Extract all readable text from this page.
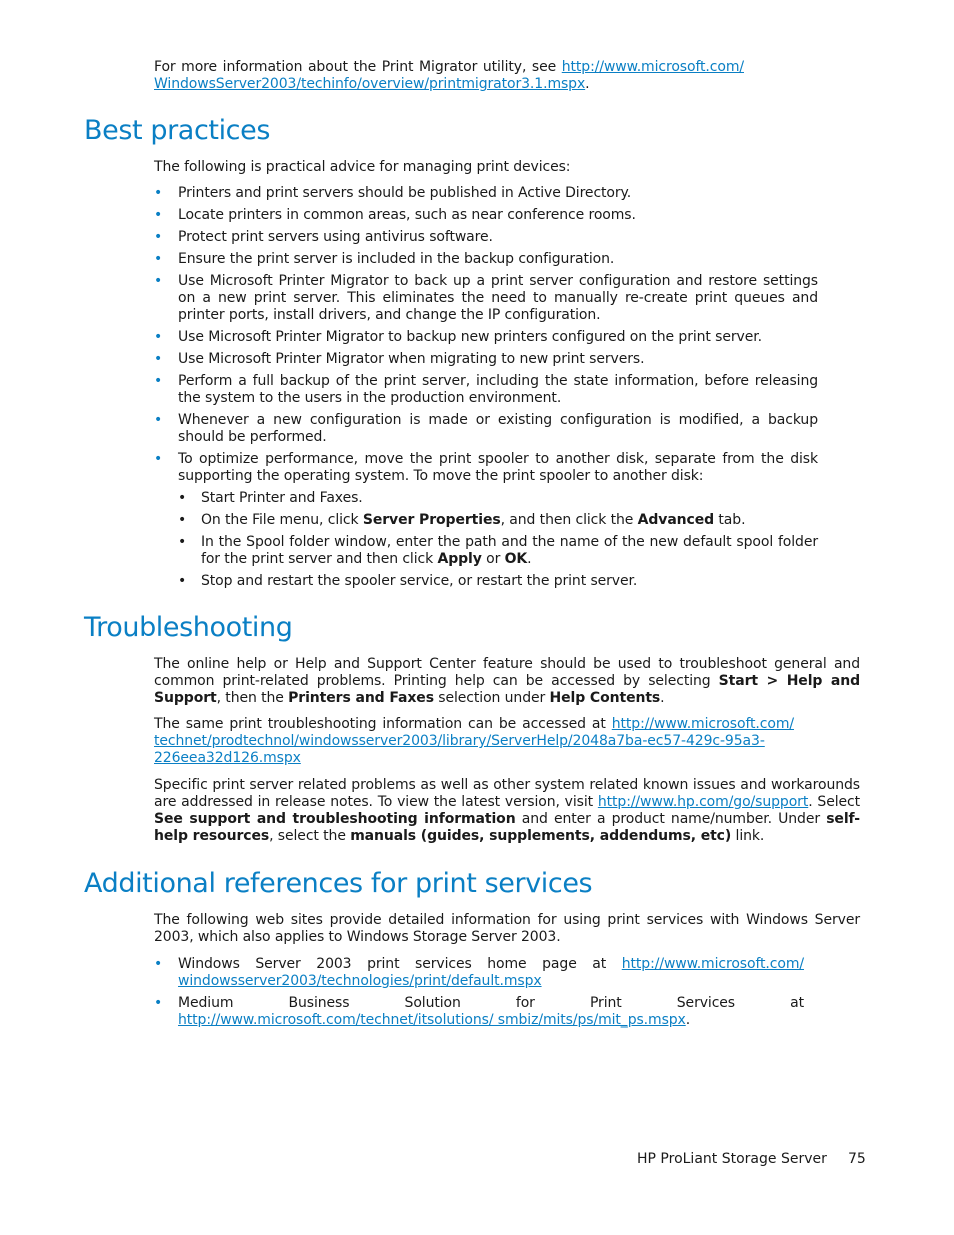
For more information about the Print Migrator utility, see http://www.microsoft.com/ WindowsServer2003/techinfo/overview/printmigrator3.1.mspx.

Best practices

The following is practical advice for managing print devices:

• Printers and print servers should be published in Active Directory.
• Locate printers in common areas, such as near conference rooms.
• Protect print servers using antivirus software.
• Ensure the print server is included in the backup configuration.
• Use Microsoft Printer Migrator to back up a print server configuration and restore settings on a new print server. This eliminates the need to manually re-create print queues and printer ports, install drivers, and change the IP configuration.
• Use Microsoft Printer Migrator to backup new printers configured on the print server.
• Use Microsoft Printer Migrator when migrating to new print servers.
• Perform a full backup of the print server, including the state information, before releasing the system to the users in the production environment.
• Whenever a new configuration is made or existing configuration is modified, a backup should be performed.
• To optimize performance, move the print spooler to another disk, separate from the disk supporting the operating system. To move the print spooler to another disk:
• Start Printer and Faxes.
• On the File menu, click Server Properties, and then click the Advanced tab.
• In the Spool folder window, enter the path and the name of the new default spool folder for the print server and then click Apply or OK.
• Stop and restart the spooler service, or restart the print server.
Troubleshooting

The online help or Help and Support Center feature should be used to troubleshoot general and common print-related problems. Printing help can be accessed by selecting Start > Help and Support, then the Printers and Faxes selection under Help Contents.

The same print troubleshooting information can be accessed at http://www.microsoft.com/ technet/prodtechnol/windowsserver2003/library/ServerHelp/2048a7ba-ec57-429c-95a3-226eea32d126.mspx

Specific print server related problems as well as other system related known issues and workarounds are addressed in release notes. To view the latest version, visit http://www.hp.com/go/support. Select See support and troubleshooting information and enter a product name/number. Under self-help resources, select the manuals (guides, supplements, addendums, etc) link.

Additional references for print services

The following web sites provide detailed information for using print services with Windows Server 2003, which also applies to Windows Storage Server 2003.

• Windows Server 2003 print services home page at http://www.microsoft.com/ windowsserver2003/technologies/print/default.mspx
• Medium Business Solution for Print Services at http://www.microsoft.com/technet/itsolutions/ smbiz/mits/ps/mit_ps.mspx.
HP ProLiant Storage Server 75
